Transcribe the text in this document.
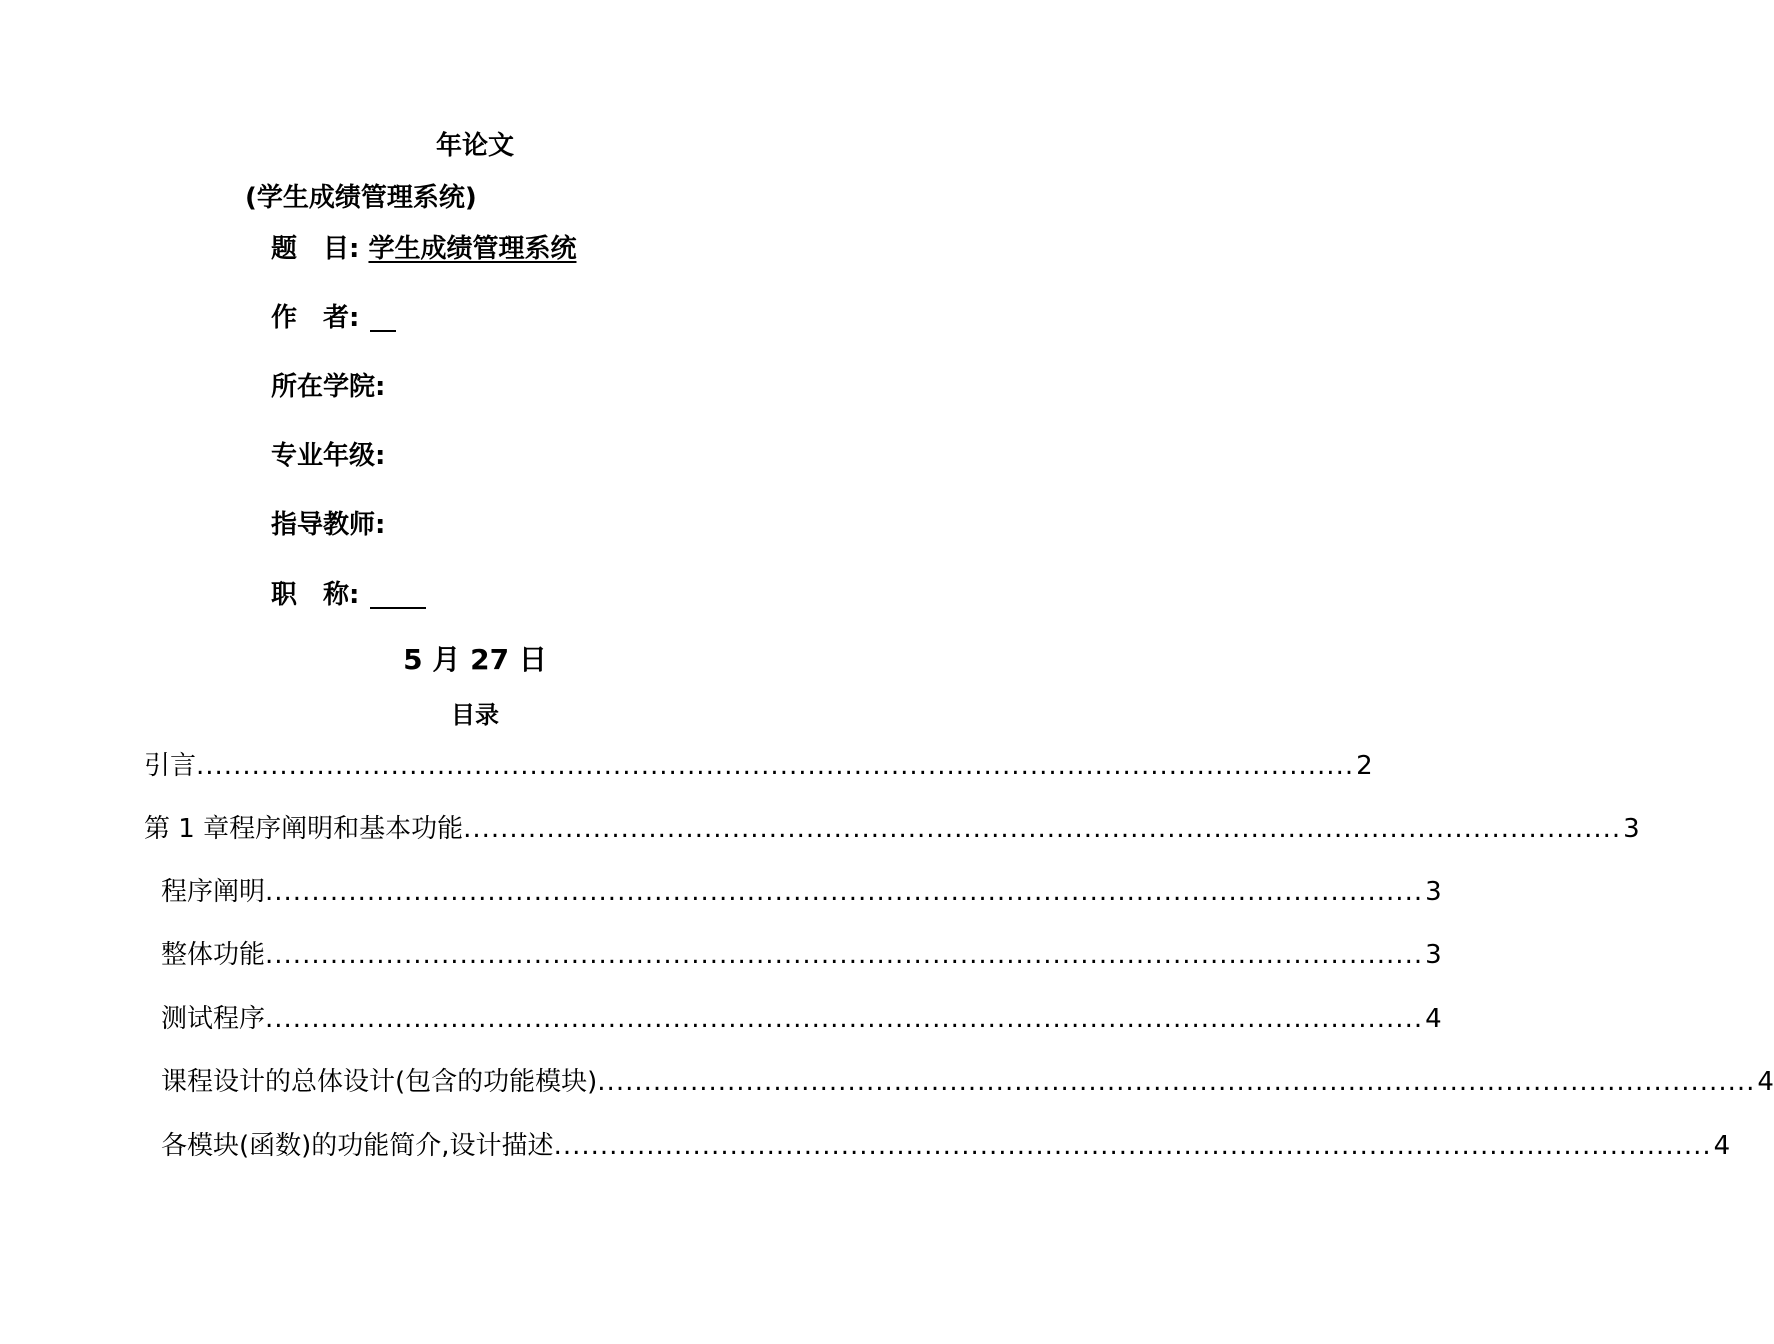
年论文
(学生成绩管理系统)
题　目: 学生成绩管理系统
作　者:
所在学院:
专业年级:
指导教师:
职　称:
5 月 27 日
目录
引言 ............................................................................................................................. 2
第 1 章程序阐明和基本功能 ............................................................................................................................. 3
程序阐明 ............................................................................................................................. 3
整体功能 ............................................................................................................................. 3
测试程序 ............................................................................................................................. 4
课程设计的总体设计(包含的功能模块) ............................................................................................................................. 4
各模块(函数)的功能简介,设计描述 ............................................................................................................................. 4
